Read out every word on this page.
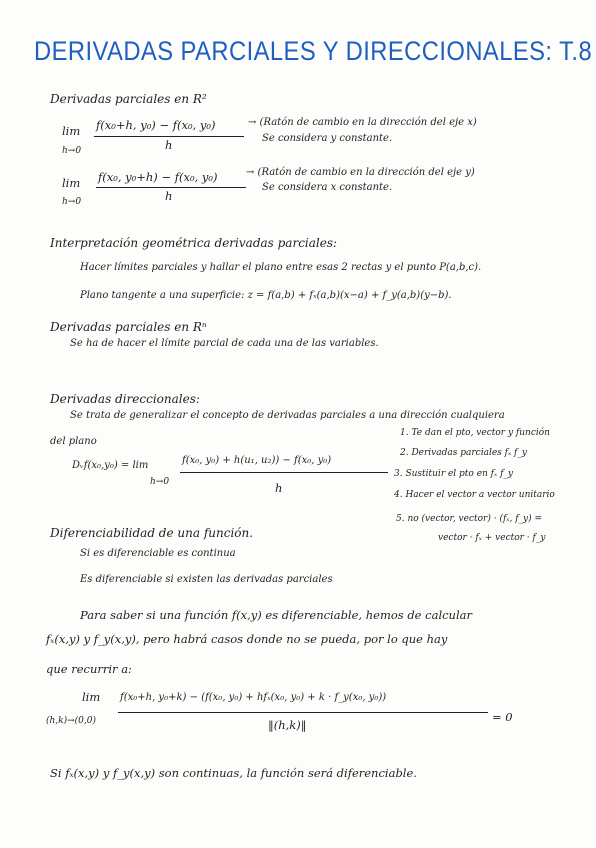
DERIVADAS PARCIALES Y DIRECCIONALES: T.8
Derivadas parciales en R²
lim
h→0
f(x₀+h, y₀) − f(x₀, y₀)
h
→ (Ratón de cambio en la dirección del eje x)
Se considera y constante.
lim
h→0
f(x₀, y₀+h) − f(x₀, y₀)
h
→ (Ratón de cambio en la dirección del eje y)
Se considera x constante.
Interpretación geométrica derivadas parciales:
Hacer límites parciales y hallar el plano entre esas 2 rectas y el punto P(a,b,c).
Plano tangente a una superficie: z = f(a,b) + fₓ(a,b)(x−a) + f_y(a,b)(y−b).
Derivadas parciales en Rⁿ
Se ha de hacer el límite parcial de cada una de las variables.
Derivadas direccionales:
Se trata de generalizar el concepto de derivadas parciales a una dirección cualquiera
del plano
Dᵥf(x₀,y₀) = lim
h→0
f(x₀, y₀) + h(u₁, u₂)) − f(x₀, y₀)
h
1. Te dan el pto, vector y función
2. Derivadas parciales fₓ f_y
3. Sustituir el pto en fₓ f_y
4. Hacer el vector a vector unitario
5. no (vector, vector) · (fₓ, f_y) =
vector · fₓ + vector · f_y
Diferenciabilidad de una función.
Si es diferenciable es continua
Es diferenciable si existen las derivadas parciales
Para saber si una función f(x,y) es diferenciable, hemos de calcular
fₓ(x,y) y f_y(x,y), pero habrá casos donde no se pueda, por lo que hay
que recurrir a:
lim
(h,k)→(0,0)
f(x₀+h, y₀+k) − (f(x₀, y₀) + hfₓ(x₀, y₀) + k · f_y(x₀, y₀))
‖(h,k)‖
= 0
Si fₓ(x,y) y f_y(x,y) son continuas, la función será diferenciable.
